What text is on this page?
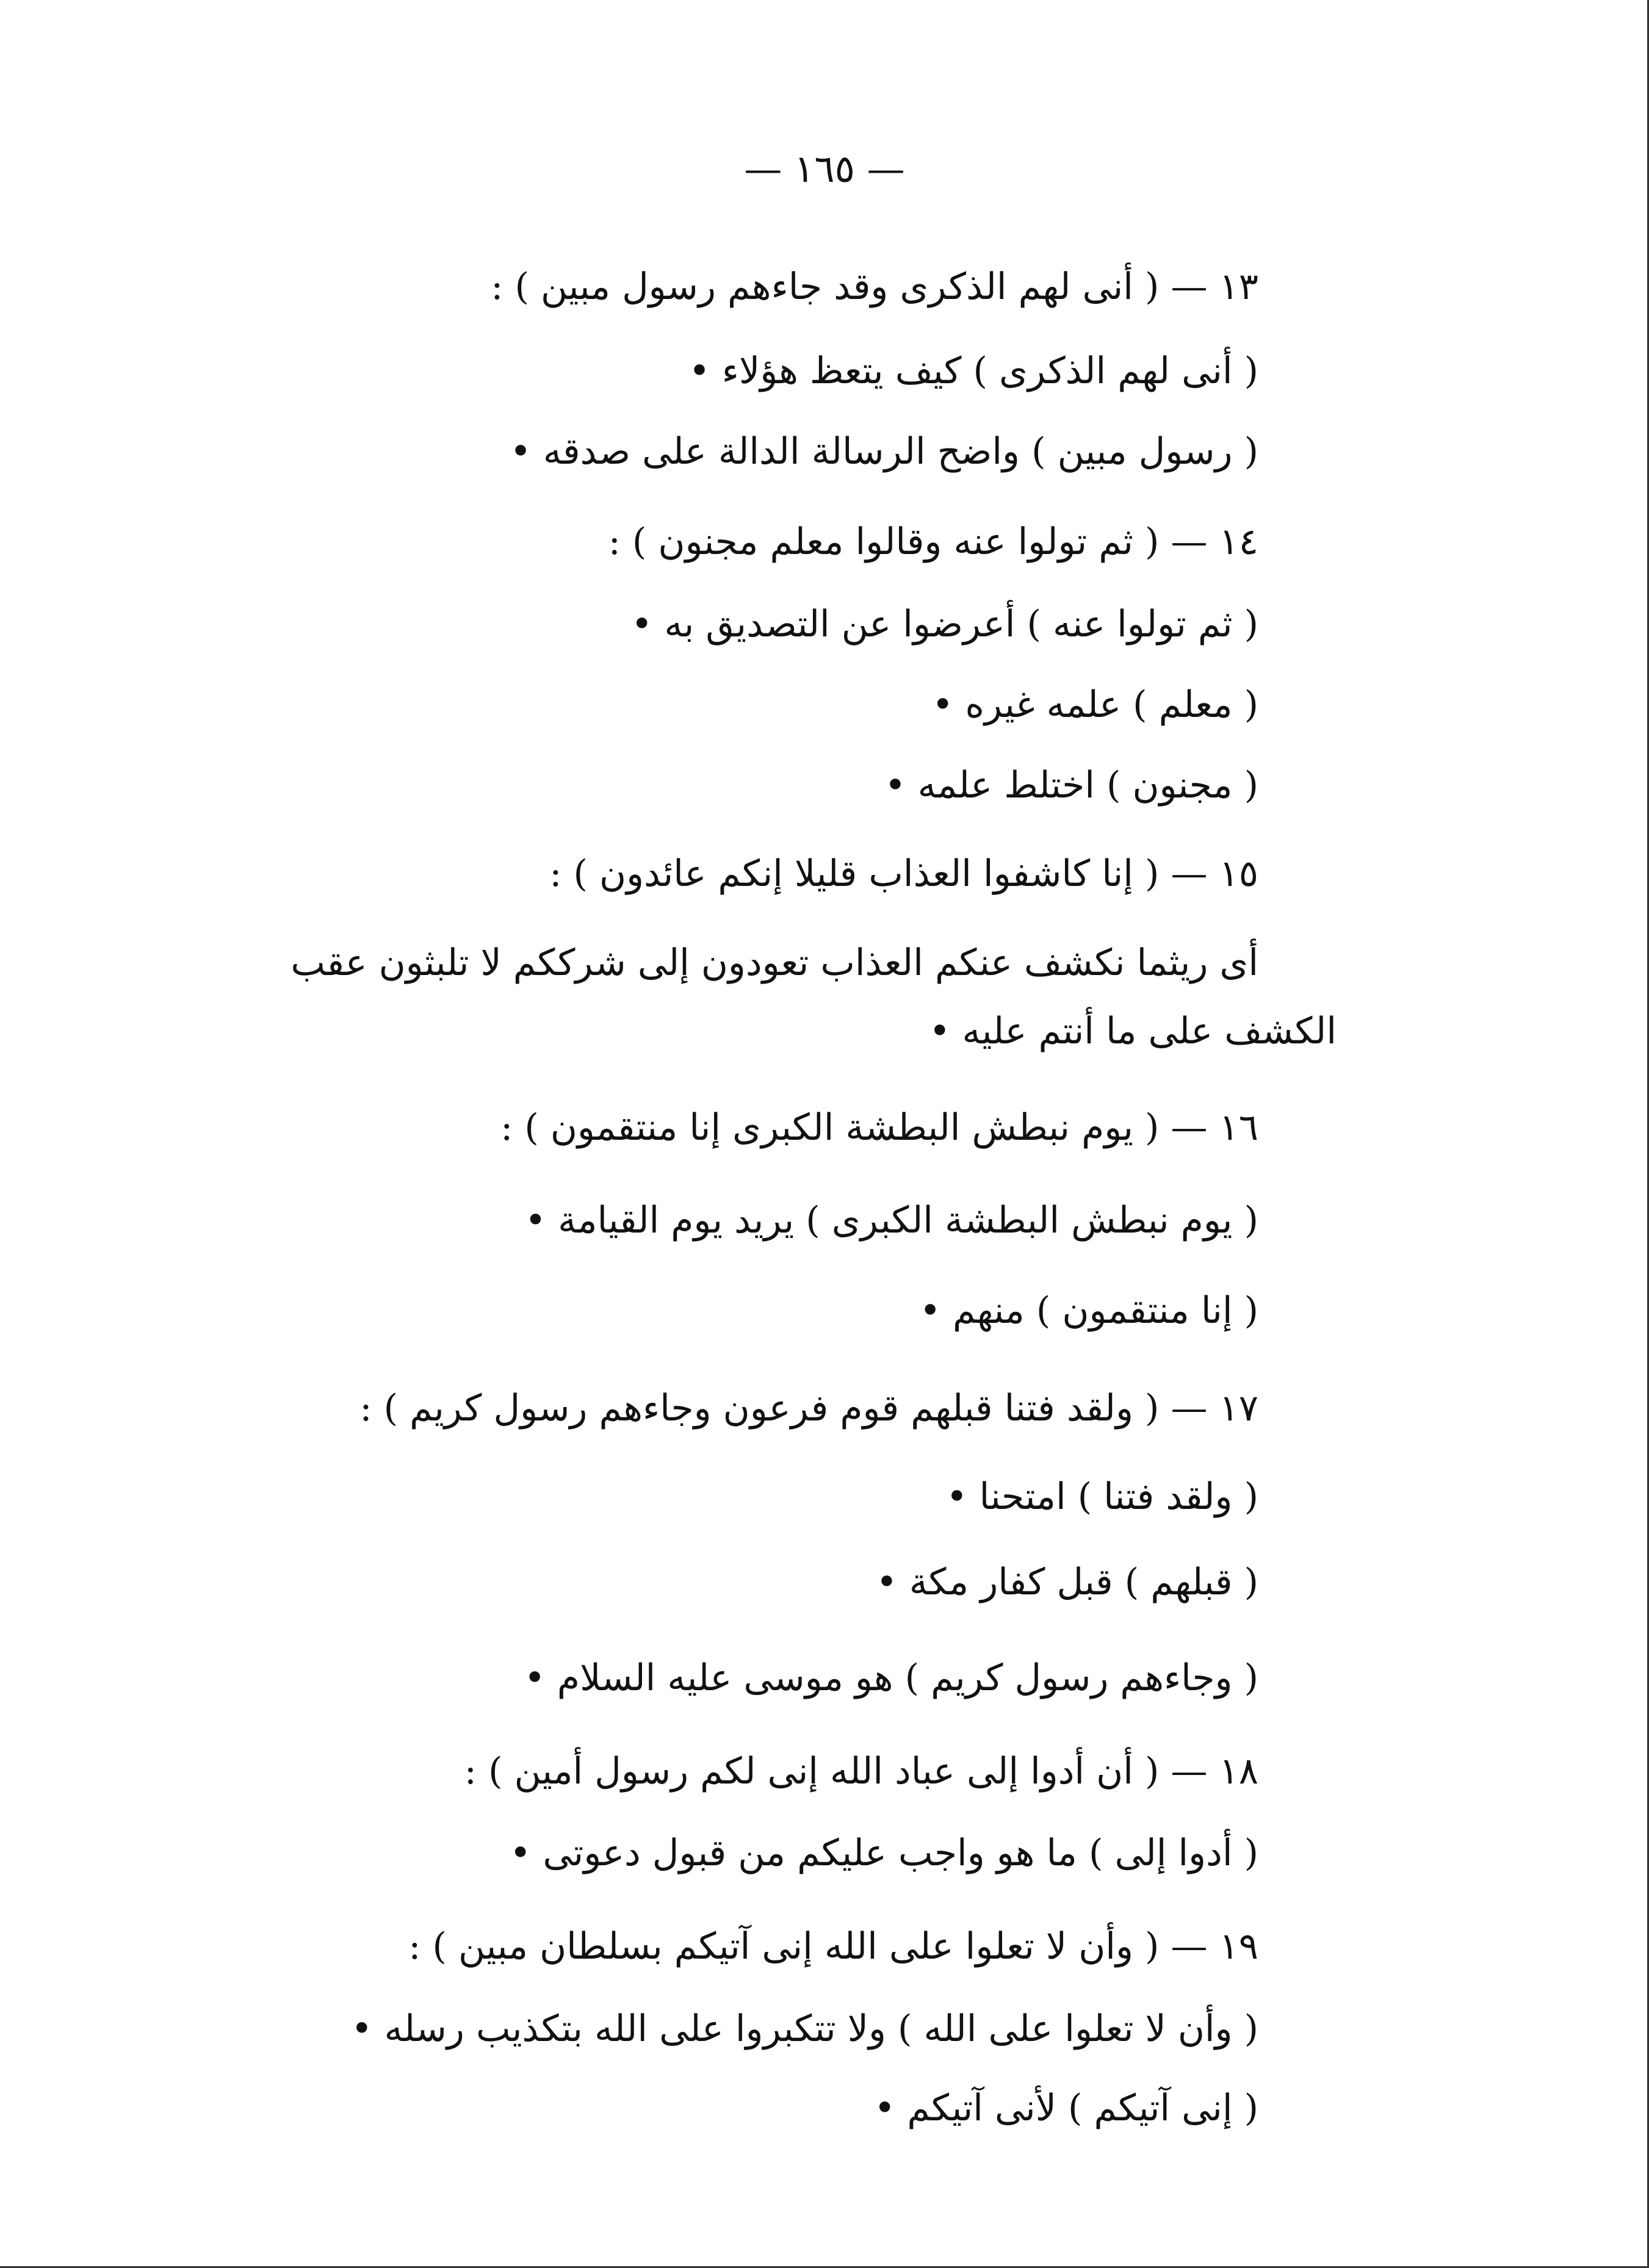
— ١٦٥ —
١٣ — ( أنى لهم الذكرى وقد جاءهم رسول مبين ) :
( أنى لهم الذكرى ) كيف يتعظ هؤلاء •
( رسول مبين ) واضح الرسالة الدالة على صدقه •
١٤ — ( ثم تولوا عنه وقالوا معلم مجنون ) :
( ثم تولوا عنه ) أعرضوا عن التصديق به •
( معلم ) علمه غيره •
( مجنون ) اختلط علمه •
١٥ — ( إنا كاشفوا العذاب قليلا إنكم عائدون ) :
أى ريثما نكشف عنكم العذاب تعودون إلى شرككم لا تلبثون عقب
الكشف على ما أنتم عليه •
١٦ — ( يوم نبطش البطشة الكبرى إنا منتقمون ) :
( يوم نبطش البطشة الكبرى ) يريد يوم القيامة •
( إنا منتقمون ) منهم •
١٧ — ( ولقد فتنا قبلهم قوم فرعون وجاءهم رسول كريم ) :
( ولقد فتنا ) امتحنا •
( قبلهم ) قبل كفار مكة •
( وجاءهم رسول كريم ) هو موسى عليه السلام •
١٨ — ( أن أدوا إلى عباد الله إنى لكم رسول أمين ) :
( أدوا إلى ) ما هو واجب عليكم من قبول دعوتى •
١٩ — ( وأن لا تعلوا على الله إنى آتيكم بسلطان مبين ) :
( وأن لا تعلوا على الله ) ولا تتكبروا على الله بتكذيب رسله •
( إنى آتيكم ) لأنى آتيكم •
